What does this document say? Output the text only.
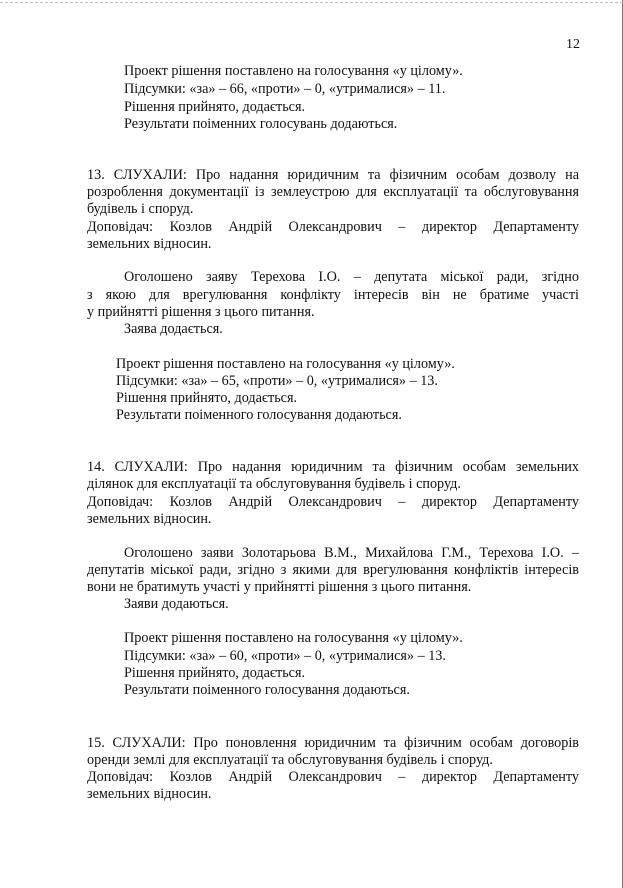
12
Проект рішення поставлено на голосування «у цілому».
Підсумки: «за» – 66, «проти» – 0, «утрималися» – 11.
Рішення прийнято, додається.
Результати поіменних голосувань додаються.
13. СЛУХАЛИ: Про надання юридичним та фізичним особам дозволу на
розроблення документації із землеустрою для експлуатації та обслуговування
будівель і споруд.
Доповідач: Козлов Андрій Олександрович – директор Департаменту
земельних відносин.
Оголошено заяву Терехова І.О. – депутата міської ради, згідно
з якою для врегулювання конфлікту інтересів він не братиме участі
у прийнятті рішення з цього питання.
Заява додається.
Проект рішення поставлено на голосування «у цілому».
Підсумки: «за» – 65, «проти» – 0, «утрималися» – 13.
Рішення прийнято, додається.
Результати поіменного голосування додаються.
14. СЛУХАЛИ: Про надання юридичним та фізичним особам земельних
ділянок для експлуатації та обслуговування будівель і споруд.
Доповідач: Козлов Андрій Олександрович – директор Департаменту
земельних відносин.
Оголошено заяви Золотарьова В.М., Михайлова Г.М., Терехова І.О. –
депутатів міської ради, згідно з якими для врегулювання конфліктів інтересів
вони не братимуть участі у прийнятті рішення з цього питання.
Заяви додаються.
Проект рішення поставлено на голосування «у цілому».
Підсумки: «за» – 60, «проти» – 0, «утрималися» – 13.
Рішення прийнято, додається.
Результати поіменного голосування додаються.
15. СЛУХАЛИ: Про поновлення юридичним та фізичним особам договорів
оренди землі для експлуатації та обслуговування будівель і споруд.
Доповідач: Козлов Андрій Олександрович – директор Департаменту
земельних відносин.
